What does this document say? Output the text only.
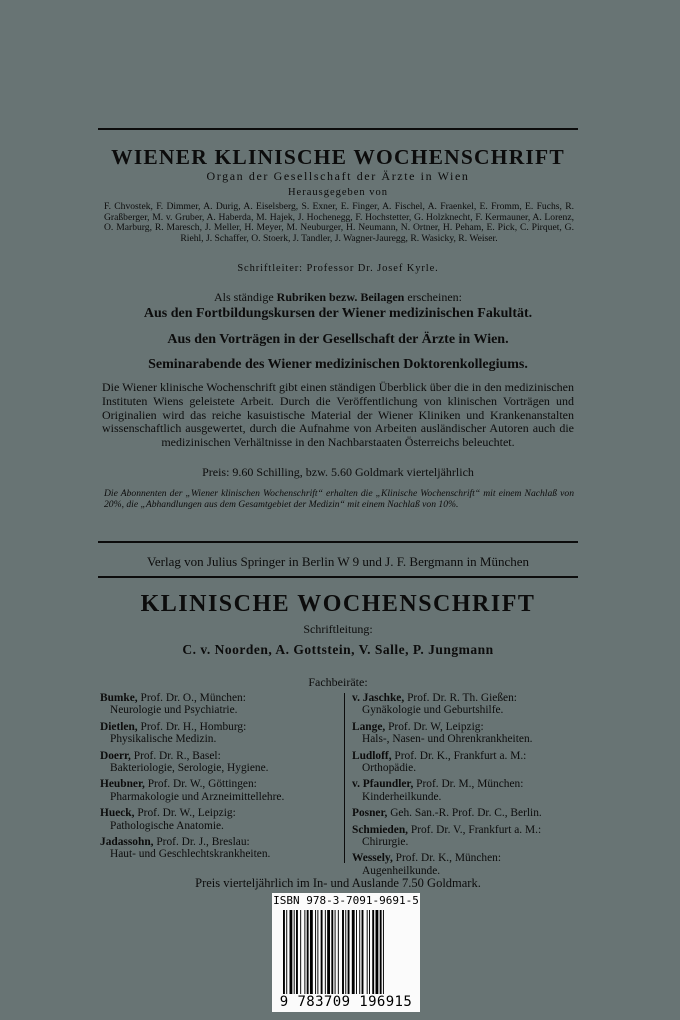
WIENER KLINISCHE WOCHENSCHRIFT
Organ der Gesellschaft der Ärzte in Wien
Herausgegeben von
F. Chvostek, F. Dimmer, A. Durig, A. Eiselsberg, S. Exner, E. Finger, A. Fischel, A. Fraenkel, E. Fromm, E. Fuchs, R. Graßberger, M. v. Gruber, A. Haberda, M. Hajek, J. Hochenegg, F. Hochstetter, G. Holzknecht, F. Kermauner, A. Lorenz, O. Marburg, R. Maresch, J. Meller, H. Meyer, M. Neuburger, H. Neumann, N. Ortner, H. Peham, E. Pick, C. Pirquet, G. Riehl, J. Schaffer, O. Stoerk, J. Tandler, J. Wagner-Jauregg, R. Wasicky, R. Weiser.
Schriftleiter: Professor Dr. Josef Kyrle.
Als ständige Rubriken bezw. Beilagen erscheinen:
Aus den Fortbildungskursen der Wiener medizinischen Fakultät.
Aus den Vorträgen in der Gesellschaft der Ärzte in Wien.
Seminarabende des Wiener medizinischen Doktorenkollegiums.
Die Wiener klinische Wochenschrift gibt einen ständigen Überblick über die in den medizinischen Instituten Wiens geleistete Arbeit. Durch die Veröffentlichung von klinischen Vorträgen und Originalien wird das reiche kasuistische Material der Wiener Kliniken und Krankenanstalten wissenschaftlich ausgewertet, durch die Aufnahme von Arbeiten ausländischer Autoren auch die medizinischen Verhältnisse in den Nachbarstaaten Österreichs beleuchtet.
Preis: 9.60 Schilling, bzw. 5.60 Goldmark vierteljährlich
Die Abonnenten der „Wiener klinischen Wochenschrift“ erhalten die „Klinische Wochenschrift“ mit einem Nachlaß von 20%, die „Abhandlungen aus dem Gesamtgebiet der Medizin“ mit einem Nachlaß von 10%.
Verlag von Julius Springer in Berlin W 9 und J. F. Bergmann in München
KLINISCHE WOCHENSCHRIFT
Schriftleitung:
C. v. Noorden, A. Gottstein, V. Salle, P. Jungmann
Fachbeiräte:
Bumke, Prof. Dr. O., München:
Neurologie und Psychiatrie.
Dietlen, Prof. Dr. H., Homburg:
Physikalische Medizin.
Doerr, Prof. Dr. R., Basel:
Bakteriologie, Serologie, Hygiene.
Heubner, Prof. Dr. W., Göttingen:
Pharmakologie und Arzneimittellehre.
Hueck, Prof. Dr. W., Leipzig:
Pathologische Anatomie.
Jadassohn, Prof. Dr. J., Breslau:
Haut- und Geschlechtskrankheiten.
v. Jaschke, Prof. Dr. R. Th. Gießen:
Gynäkologie und Geburtshilfe.
Lange, Prof. Dr. W, Leipzig:
Hals-, Nasen- und Ohrenkrankheiten.
Ludloff, Prof. Dr. K., Frankfurt a. M.:
Orthopädie.
v. Pfaundler, Prof. Dr. M., München:
Kinderheilkunde.
Posner, Geh. San.-R. Prof. Dr. C., Berlin.
Schmieden, Prof. Dr. V., Frankfurt a. M.:
Chirurgie.
Wessely, Prof. Dr. K., München:
Augenheilkunde.
Preis vierteljährlich im In- und Auslande 7.50 Goldmark.
ISBN 978-3-7091-9691-5
9 783709 196915
